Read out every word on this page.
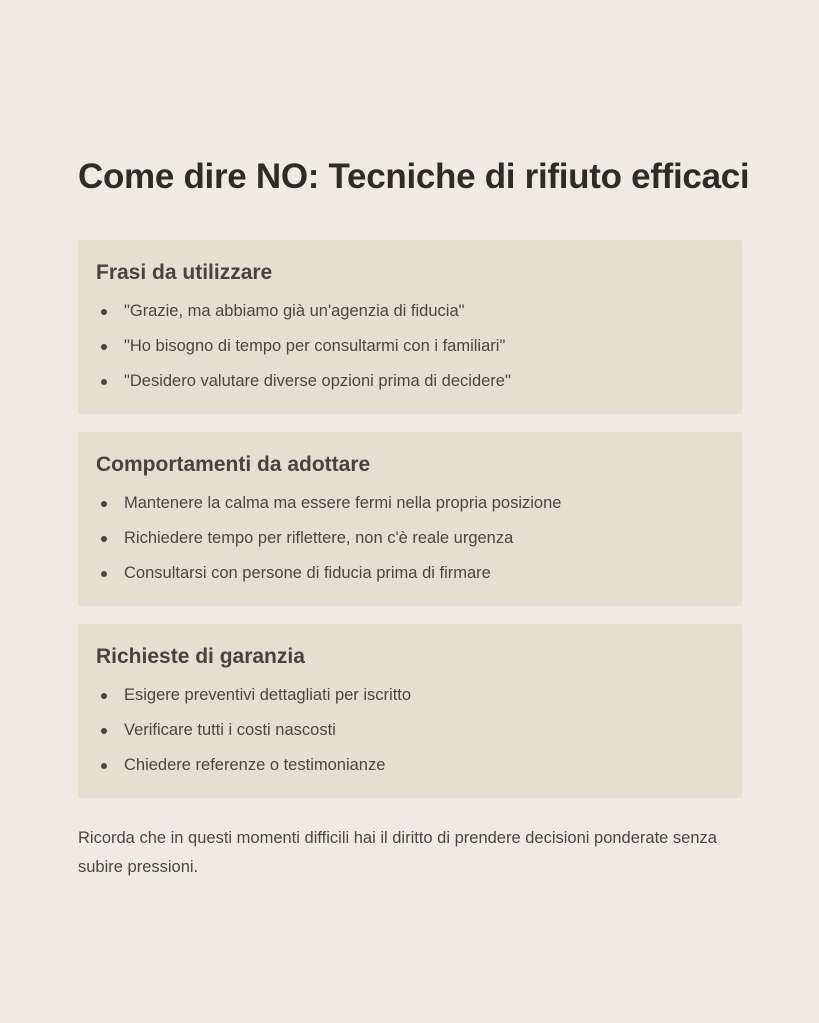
Come dire NO: Tecniche di rifiuto efficaci
Frasi da utilizzare
"Grazie, ma abbiamo già un'agenzia di fiducia"
"Ho bisogno di tempo per consultarmi con i familiari"
"Desidero valutare diverse opzioni prima di decidere"
Comportamenti da adottare
Mantenere la calma ma essere fermi nella propria posizione
Richiedere tempo per riflettere, non c'è reale urgenza
Consultarsi con persone di fiducia prima di firmare
Richieste di garanzia
Esigere preventivi dettagliati per iscritto
Verificare tutti i costi nascosti
Chiedere referenze o testimonianze

Ricorda che in questi momenti difficili hai il diritto di prendere decisioni ponderate senza subire pressioni.
